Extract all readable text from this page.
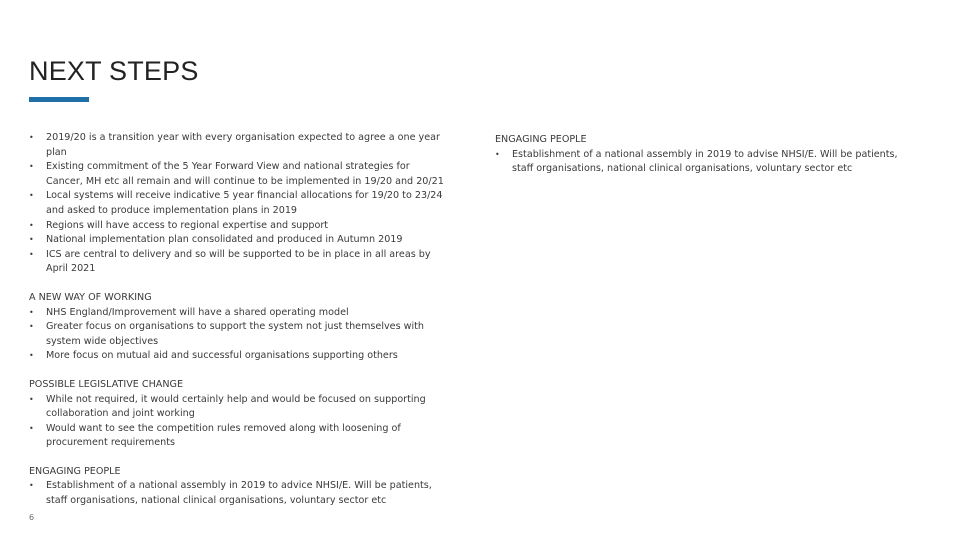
NEXT STEPS
• 2019/20 is a transition year with every organisation expected to agree a one year plan
• Existing commitment of the 5 Year Forward View and national strategies for Cancer, MH etc all remain and will continue to be implemented in 19/20 and 20/21
• Local systems will receive indicative 5 year financial allocations for 19/20 to 23/24 and asked to produce implementation plans in 2019
• Regions will have access to regional expertise and support
• National implementation plan consolidated and produced in Autumn 2019
• ICS are central to delivery and so will be supported to be in place in all areas by April 2021
A NEW WAY OF WORKING
• NHS England/Improvement will have a shared operating model
• Greater focus on organisations to support the system not just themselves with system wide objectives
• More focus on mutual aid and successful organisations supporting others
POSSIBLE LEGISLATIVE CHANGE
• While not required, it would certainly help and would be focused on supporting collaboration and joint working
• Would want to see the competition rules removed along with loosening of procurement requirements
ENGAGING PEOPLE
• Establishment of a national assembly in 2019 to advice NHSI/E. Will be patients, staff organisations, national clinical organisations, voluntary sector etc
ENGAGING PEOPLE
• Establishment of a national assembly in 2019 to advise NHSI/E. Will be patients, staff organisations, national clinical organisations, voluntary sector etc
6
